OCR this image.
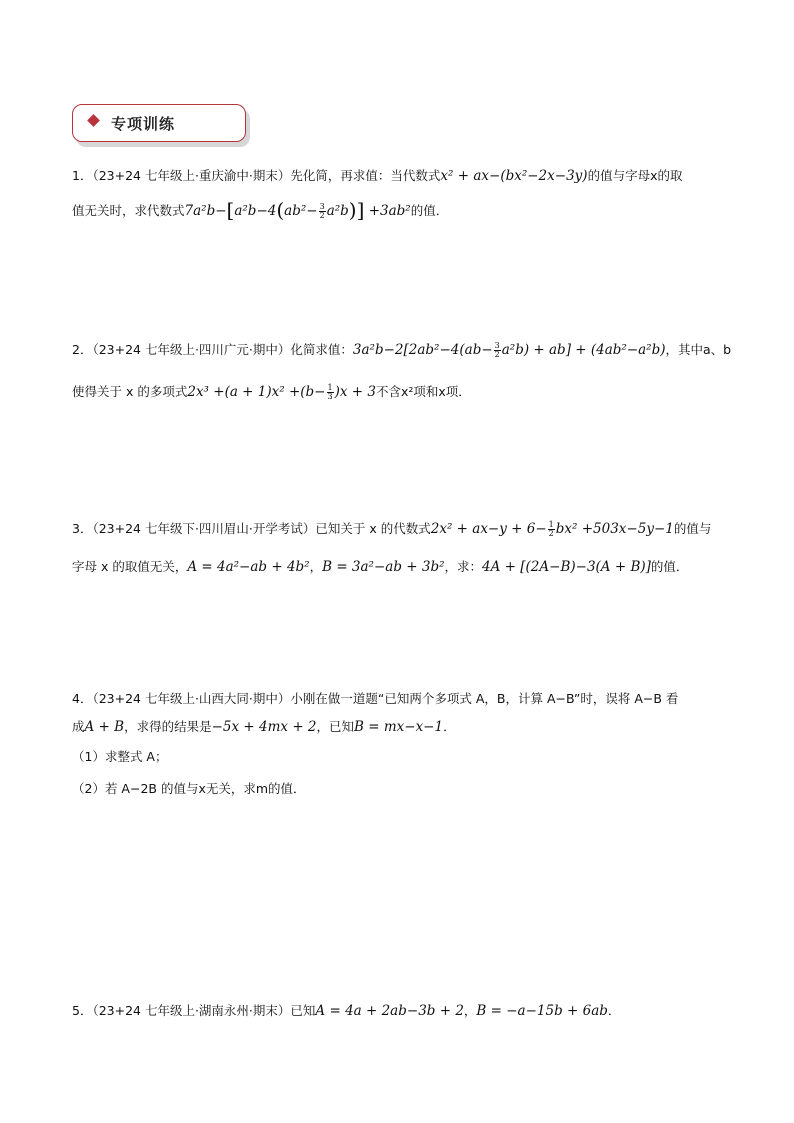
专项训练
1．（23+24 七年级上·重庆渝中·期末）先化简，再求值：当代数式x² + ax−(bx²−2x−3y)的值与字母x的取
值无关时，求代数式$7a^2b-[a^2b-4(ab^2- \frac{3}{2} a^2b)] +3ab^2$的值．
2．（23+24 七年级上·四川广元·期中）化简求值：$3a^2b-2[2ab^2-4(ab- \frac{3}{2} a^2b) + ab] + (4ab^2-a^2b)$，其中a、b
使得关于 x 的多项式$2x^3 +(a + 1)x^2 +(b- \frac{1}{3} )x + 3$不含x²项和x项．
3．（23+24 七年级下·四川眉山·开学考试）已知关于 x 的代数式$2x^2 + ax-y + 6- \frac{1}{2} bx^2 +503x-5y-1$的值与
字母 x 的取值无关，A = 4a²−ab + 4b²，B = 3a²−ab + 3b²，求：4A + [(2A−B)−3(A + B)]的值．
4．（23+24 七年级上·山西大同·期中）小刚在做一道题“已知两个多项式 A，B，计算 A−B”时，误将 A−B 看
成A + B，求得的结果是−5x + 4mx + 2，已知B = mx−x−1．
（1）求整式 A；
（2）若 A−2B 的值与x无关，求m的值．
5．（23+24 七年级上·湖南永州·期末）已知A = 4a + 2ab−3b + 2，B = −a−15b + 6ab．
